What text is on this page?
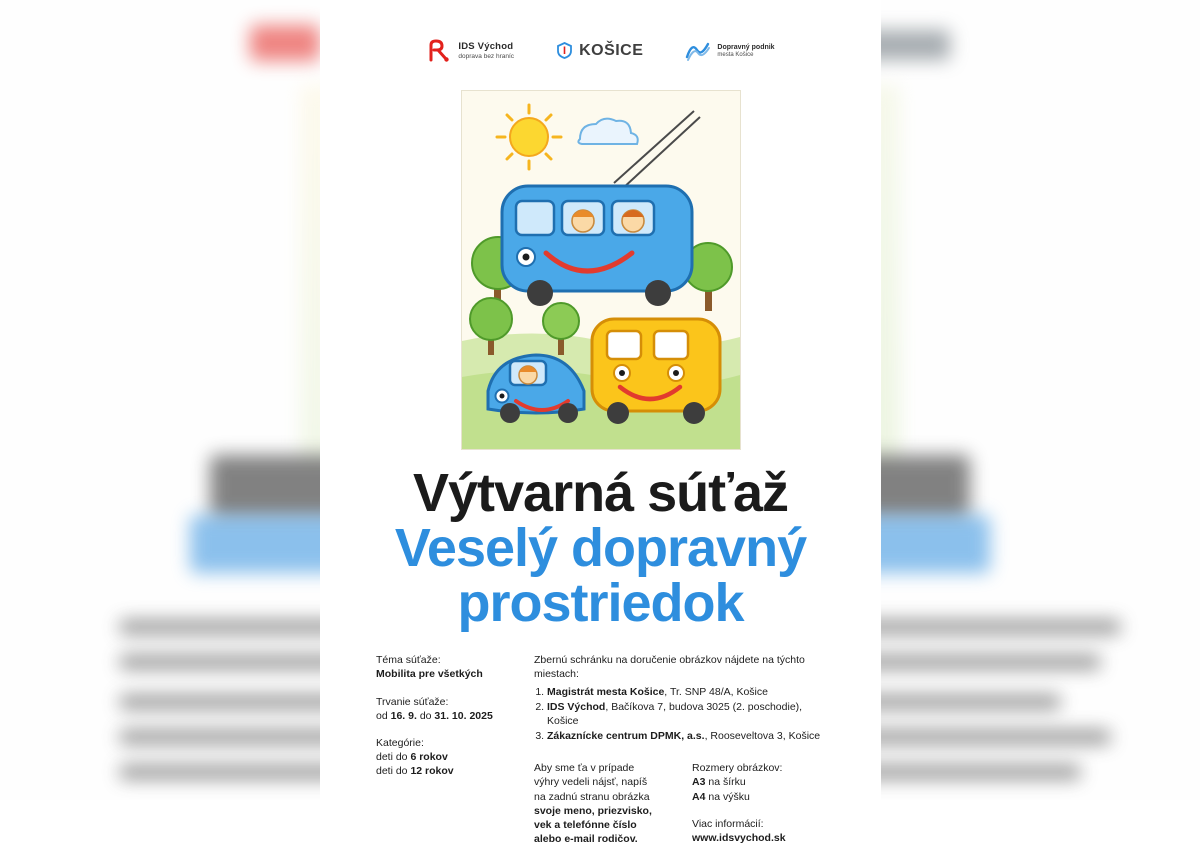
IDS Východ
doprava bez hraníc	KOŠICE	Dopravný podnik
mesta Košice
Výtvarná súťaž
Veselý dopravný
prostriedok
Téma súťaže:
Mobilita pre všetkých
Trvanie súťaže:
od 16. 9. do 31. 10. 2025
Kategórie:
deti do 6 rokov
deti do 12 rokov
Zbernú schránku na doručenie obrázkov nájdete na týchto miestach:
1. Magistrát mesta Košice, Tr. SNP 48/A, Košice
2. IDS Východ, Bačíkova 7, budova 3025 (2. poschodie), Košice
3. Zákaznícke centrum DPMK, a.s., Rooseveltova 3, Košice
Aby sme ťa v prípade
výhry vedeli nájsť, napíš
na zadnú stranu obrázka
svoje meno, priezvisko,
vek a telefónne číslo
alebo e-mail rodičov.
Rozmery obrázkov:
A3 na šírku
A4 na výšku
Viac informácií:
www.idsvychod.sk
